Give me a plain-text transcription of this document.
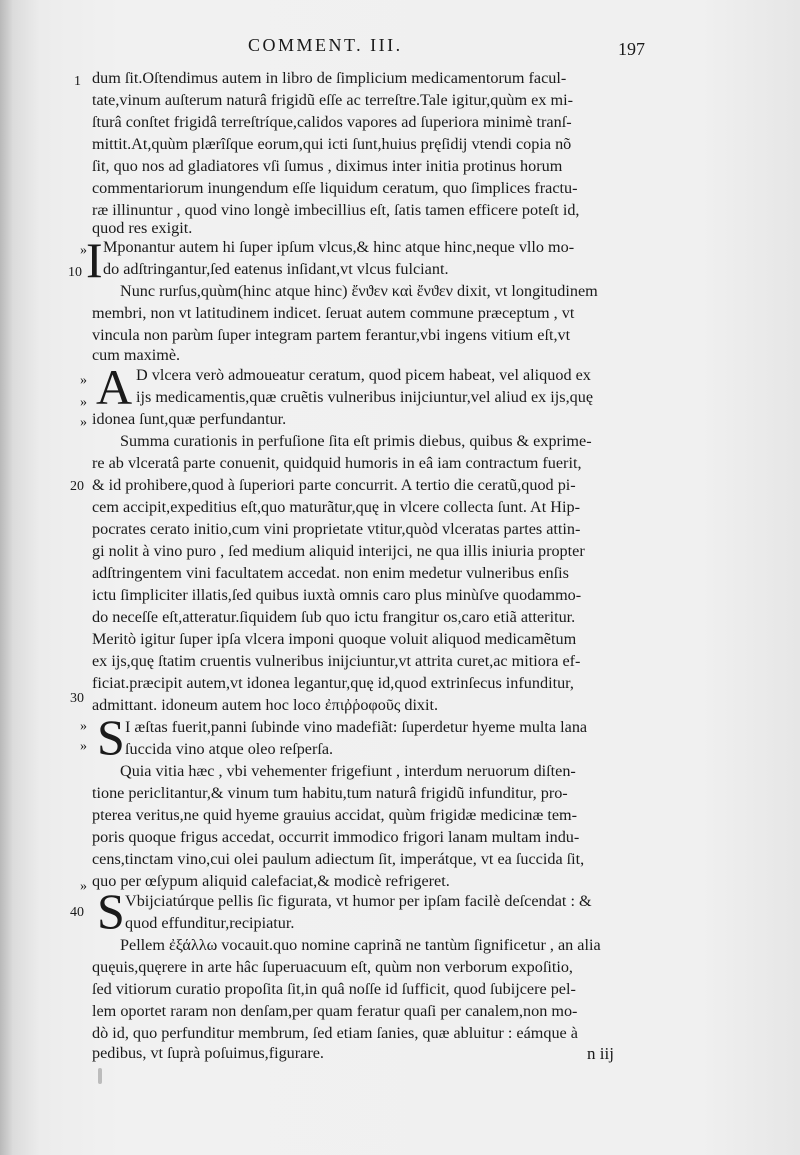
COMMENT. III.	197
dum ſit.Oſtendimus autem in libro de ſimplicium medicamentorum facul-
tate,vinum auſterum naturâ frigidũ eſſe ac terreſtre.Tale igitur,quùm ex mi-
ſturâ conſtet frigidâ terreſtríque,calidos vapores ad ſuperiora minimè tranſ-
mittit.At,quùm plærîſque eorum,qui icti ſunt,huius pręſidij vtendi copia nõ
ſit, quo nos ad gladiatores vſi ſumus , diximus inter initia protinus horum
commentariorum inungendum eſſe liquidum ceratum, quo ſimplices fractu-
ræ illinuntur , quod vino longè imbecillius eſt, ſatis tamen efficere poteſt id,
quod res exigit.
Mponantur autem hi ſuper ipſum vlcus,& hinc atque hinc,neque vllo mo-
do adſtringantur,ſed eatenus inſidant,vt vlcus fulciant.
Nunc rurſus,quùm(hinc atque hinc) ἔνϑεν καὶ ἔνϑεν dixit, vt longitudinem
membri, non vt latitudinem indicet. ſeruat autem commune præceptum , vt
vincula non parùm ſuper integram partem ferantur,vbi ingens vitium eſt,vt
cum maximè.
D vlcera verò admoueatur ceratum, quod picem habeat, vel aliquod ex
ijs medicamentis,quæ cruẽtis vulneribus inijciuntur,vel aliud ex ijs,quę
idonea ſunt,quæ perfundantur.
Summa curationis in perfuſione ſita eſt primis diebus, quibus & exprime-
re ab vlceratâ parte conuenit, quidquid humoris in eâ iam contractum fuerit,
& id prohibere,quod à ſuperiori parte concurrit. A tertio die ceratũ,quod pi-
cem accipit,expeditius eſt,quo maturãtur,quę in vlcere collecta ſunt. At Hip-
pocrates cerato initio,cum vini proprietate vtitur,quòd vlceratas partes attin-
gi nolit à vino puro , ſed medium aliquid interijci, ne qua illis iniuria propter
adſtringentem vini facultatem accedat. non enim medetur vulneribus enſis
ictu ſimpliciter illatis,ſed quibus iuxtà omnis caro plus minùſve quodammo-
do neceſſe eſt,atteratur.ſiquidem ſub quo ictu frangitur os,caro etiã atteritur.
Meritò igitur ſuper ipſa vlcera imponi quoque voluit aliquod medicamẽtum
ex ijs,quę ſtatim cruentis vulneribus inijciuntur,vt attrita curet,ac mitiora ef-
ficiat.præcipit autem,vt idonea legantur,quę id,quod extrinſecus infunditur,
admittant. idoneum autem hoc loco ἐπιῤῥοφοῦς dixit.
I æſtas fuerit,panni ſubinde vino madefiãt: ſuperdetur hyeme multa lana
ſuccida vino atque oleo reſperſa.
Quia vitia hæc , vbi vehementer frigefiunt , interdum neruorum diſten-
tione periclitantur,& vinum tum habitu,tum naturâ frigidũ infunditur, pro-
pterea veritus,ne quid hyeme grauius accidat, quùm frigidæ medicinæ tem-
poris quoque frigus accedat, occurrit immodico frigori lanam multam indu-
cens,tinctam vino,cui olei paulum adiectum ſit, imperátque, vt ea ſuccida ſit,
quo per œſypum aliquid calefaciat,& modicè refrigeret.
Vbijciatúrque pellis ſic figurata, vt humor per ipſam facilè deſcendat : &
quod effunditur,recipiatur.
Pellem ἐξάλλω vocauit.quo nomine caprinã ne tantùm ſignificetur , an alia
quęuis,quęrere in arte hâc ſuperuacuum eſt, quùm non verborum expoſitio,
ſed vitiorum curatio propoſita ſit,in quâ noſſe id ſufficit, quod ſubijcere pel-
lem oportet raram non denſam,per quam feratur quaſi per canalem,non mo-
dò id, quo perfunditur membrum, ſed etiam ſanies, quæ abluitur : eámque à
pedibus, vt ſuprà poſuimus,figurare.
I
A
S
S
1
10
20
30
40
»
»
»
»
»
»
»
n iij
